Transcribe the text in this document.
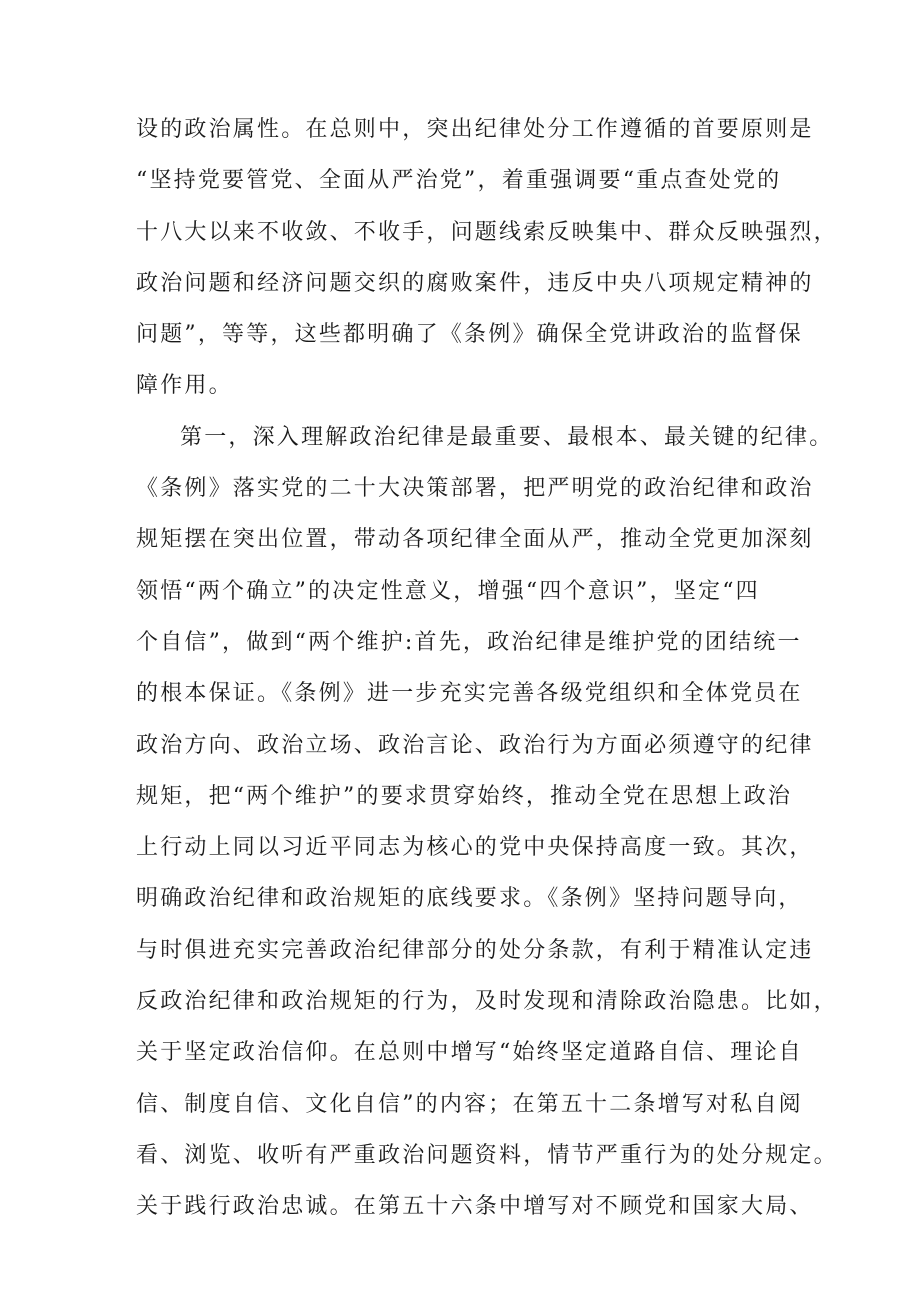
设的政治属性。在总则中，突出纪律处分工作遵循的首要原则是
“坚持党要管党、全面从严治党”，着重强调要“重点查处党的
十八大以来不收敛、不收手，问题线索反映集中、群众反映强烈，
政治问题和经济问题交织的腐败案件，违反中央八项规定精神的
问题”，等等，这些都明确了《条例》确保全党讲政治的监督保
障作用。
第一，深入理解政治纪律是最重要、最根本、最关键的纪律。
《条例》落实党的二十大决策部署，把严明党的政治纪律和政治
规矩摆在突出位置，带动各项纪律全面从严，推动全党更加深刻
领悟“两个确立”的决定性意义，增强“四个意识”，坚定“四
个自信”，做到“两个维护:首先，政治纪律是维护党的团结统一
的根本保证。《条例》进一步充实完善各级党组织和全体党员在
政治方向、政治立场、政治言论、政治行为方面必须遵守的纪律
规矩，把“两个维护”的要求贯穿始终，推动全党在思想上政治
上行动上同以习近平同志为核心的党中央保持高度一致。其次，
明确政治纪律和政治规矩的底线要求。《条例》坚持问题导向，
与时俱进充实完善政治纪律部分的处分条款，有利于精准认定违
反政治纪律和政治规矩的行为，及时发现和清除政治隐患。比如，
关于坚定政治信仰。在总则中增写“始终坚定道路自信、理论自
信、制度自信、文化自信”的内容；在第五十二条增写对私自阅
看、浏览、收听有严重政治问题资料，情节严重行为的处分规定。
关于践行政治忠诚。在第五十六条中增写对不顾党和国家大局、
